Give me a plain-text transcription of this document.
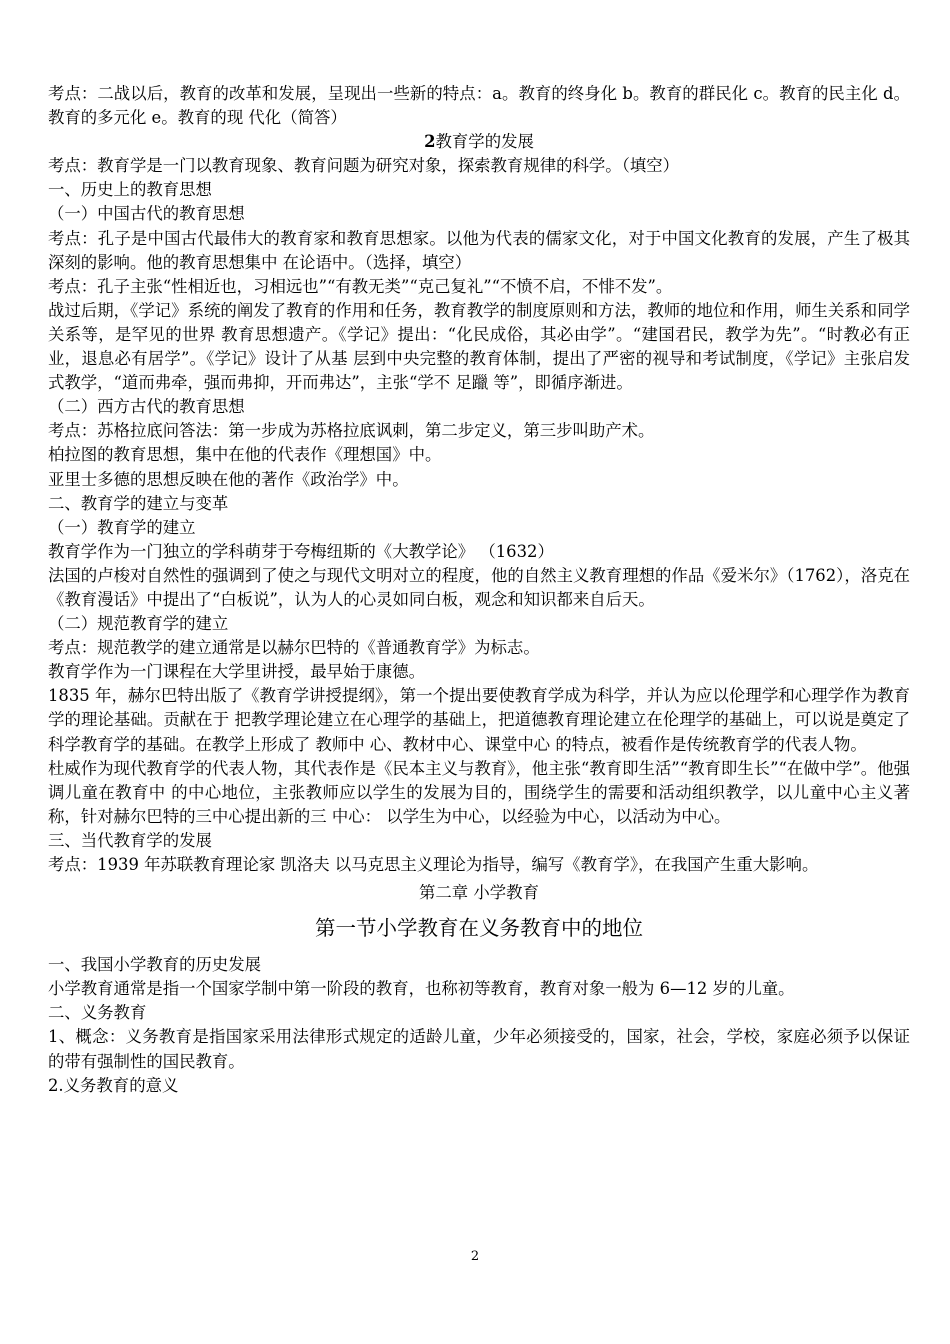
考点：二战以后，教育的改革和发展，呈现出一些新的特点：a。教育的终身化 b。教育的群民化 c。教育的民主化 d。教育的多元化 e。教育的现 代化（简答）

2教育学的发展

考点：教育学是一门以教育现象、教育问题为研究对象，探索教育规律的科学。（填空）

一、历史上的教育思想

（一）中国古代的教育思想

考点：孔子是中国古代最伟大的教育家和教育思想家。以他为代表的儒家文化，对于中国文化教育的发展，产生了极其深刻的影响。他的教育思想集中 在论语中。（选择，填空）

考点：孔子主张“性相近也，习相远也”“有教无类”“克己复礼”“不愤不启，不悱不发”。

战过后期，《学记》系统的阐发了教育的作用和任务，教育教学的制度原则和方法，教师的地位和作用，师生关系和同学关系等，是罕见的世界 教育思想遗产。《学记》提出：“化民成俗，其必由学”。“建国君民，教学为先”。“时教必有正业，退息必有居学”。《学记》设计了从基 层到中央完整的教育体制，提出了严密的视导和考试制度，《学记》主张启发式教学，“道而弗牵，强而弗抑，开而弗达”，主张“学不 足躐 等”，即循序渐进。

（二）西方古代的教育思想

考点：苏格拉底问答法：第一步成为苏格拉底讽刺，第二步定义，第三步叫助产术。

柏拉图的教育思想，集中在他的代表作《理想国》中。

亚里士多德的思想反映在他的著作《政治学》中。

二、教育学的建立与变革

（一）教育学的建立

教育学作为一门独立的学科萌芽于夸梅纽斯的《大教学论》 （1632）

法国的卢梭对自然性的强调到了使之与现代文明对立的程度，他的自然主义教育理想的作品《爱米尔》（1762），洛克在《教育漫话》中提出了“白板说”，认为人的心灵如同白板，观念和知识都来自后天。

（二）规范教育学的建立

考点：规范教学的建立通常是以赫尔巴特的《普通教育学》为标志。

教育学作为一门课程在大学里讲授，最早始于康德。

1835 年，赫尔巴特出版了《教育学讲授提纲》，第一个提出要使教育学成为科学，并认为应以伦理学和心理学作为教育学的理论基础。贡献在于 把教学理论建立在心理学的基础上，把道德教育理论建立在伦理学的基础上，可以说是奠定了科学教育学的基础。在教学上形成了 教师中 心、教材中心、课堂中心 的特点，被看作是传统教育学的代表人物。

杜威作为现代教育学的代表人物，其代表作是《民本主义与教育》，他主张“教育即生活”“教育即生长”“在做中学”。他强调儿童在教育中 的中心地位，主张教师应以学生的发展为目的，围绕学生的需要和活动组织教学，以儿童中心主义著称，针对赫尔巴特的三中心提出新的三 中心： 以学生为中心，以经验为中心，以活动为中心。

三、当代教育学的发展

考点：1939 年苏联教育理论家 凯洛夫 以马克思主义理论为指导，编写《教育学》，在我国产生重大影响。

第二章 小学教育

第一节小学教育在义务教育中的地位

一、我国小学教育的历史发展

小学教育通常是指一个国家学制中第一阶段的教育，也称初等教育，教育对象一般为 6—12 岁的儿童。

二、义务教育

1、概念：义务教育是指国家采用法律形式规定的适龄儿童，少年必须接受的，国家，社会，学校，家庭必须予以保证的带有强制性的国民教育。

2.义务教育的意义

2
